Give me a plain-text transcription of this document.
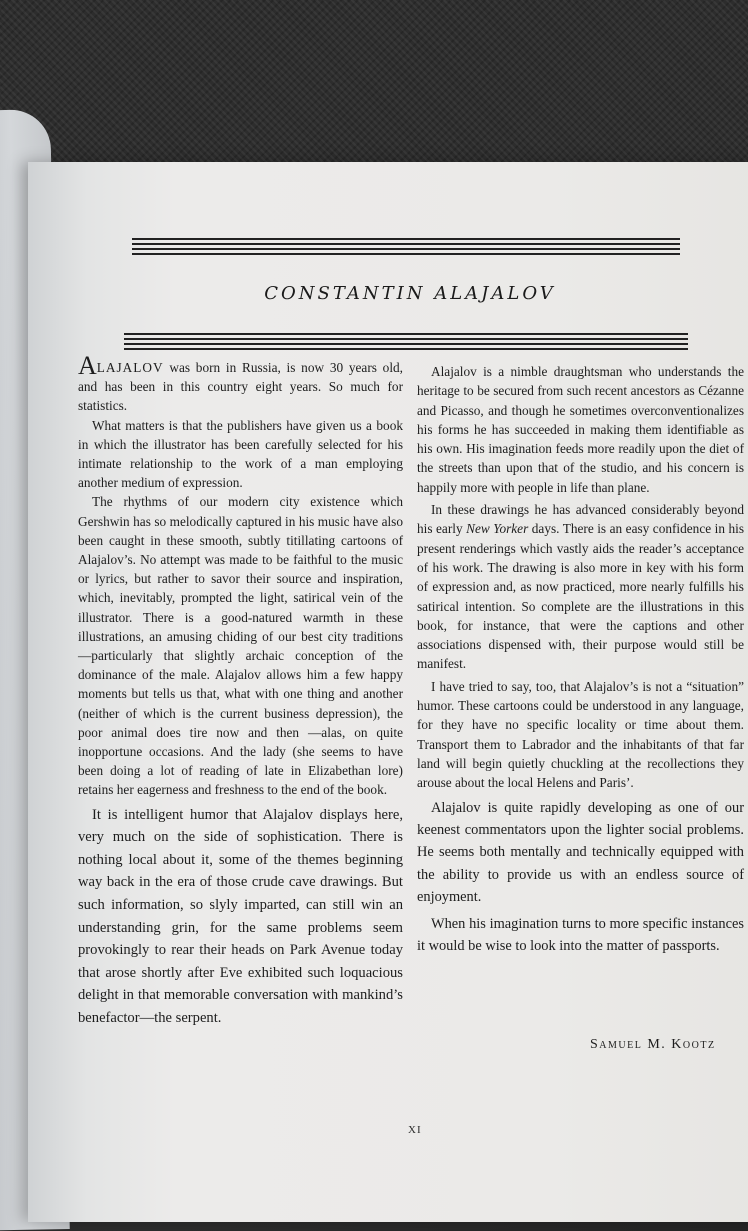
CONSTANTIN ALAJALOV

ALAJALOV was born in Russia, is now 30 years old, and has been in this country eight years. So much for statistics.

What matters is that the publishers have given us a book in which the illustrator has been carefully selected for his intimate relationship to the work of a man employing another medium of expression.

The rhythms of our modern city existence which Gershwin has so melodically captured in his music have also been caught in these smooth, subtly titillating cartoons of Alajalov’s. No attempt was made to be faithful to the music or lyrics, but rather to savor their source and inspiration, which, inevitably, prompted the light, satirical vein of the illustrator. There is a good-natured warmth in these illustrations, an amusing chiding of our best city traditions —particularly that slightly archaic conception of the dominance of the male. Alajalov allows him a few happy moments but tells us that, what with one thing and another (neither of which is the current business depression), the poor animal does tire now and then —alas, on quite inopportune occasions. And the lady (she seems to have been doing a lot of reading of late in Elizabethan lore) retains her eagerness and freshness to the end of the book.

It is intelligent humor that Alajalov displays here, very much on the side of sophistication. There is nothing local about it, some of the themes beginning way back in the era of those crude cave drawings. But such information, so slyly imparted, can still win an understanding grin, for the same problems seem provokingly to rear their heads on Park Avenue today that arose shortly after Eve exhibited such loquacious delight in that memorable conversation with mankind’s benefactor—the serpent.

Alajalov is a nimble draughtsman who understands the heritage to be secured from such recent ancestors as Cézanne and Picasso, and though he sometimes overconventionalizes his forms he has succeeded in making them identifiable as his own. His imagination feeds more readily upon the diet of the streets than upon that of the studio, and his concern is happily more with people in life than plane.

In these drawings he has advanced considerably beyond his early New Yorker days. There is an easy confidence in his present renderings which vastly aids the reader’s acceptance of his work. The drawing is also more in key with his form of expression and, as now practiced, more nearly fulfills his satirical intention. So complete are the illustrations in this book, for instance, that were the captions and other associations dispensed with, their purpose would still be manifest.

I have tried to say, too, that Alajalov’s is not a “situation” humor. These cartoons could be understood in any language, for they have no specific locality or time about them. Transport them to Labrador and the inhabitants of that far land will begin quietly chuckling at the recollections they arouse about the local Helens and Paris’.

Alajalov is quite rapidly developing as one of our keenest commentators upon the lighter social problems. He seems both mentally and technically equipped with the ability to provide us with an endless source of enjoyment.

When his imagination turns to more specific instances it would be wise to look into the matter of passports.

Samuel M. Kootz
XI
